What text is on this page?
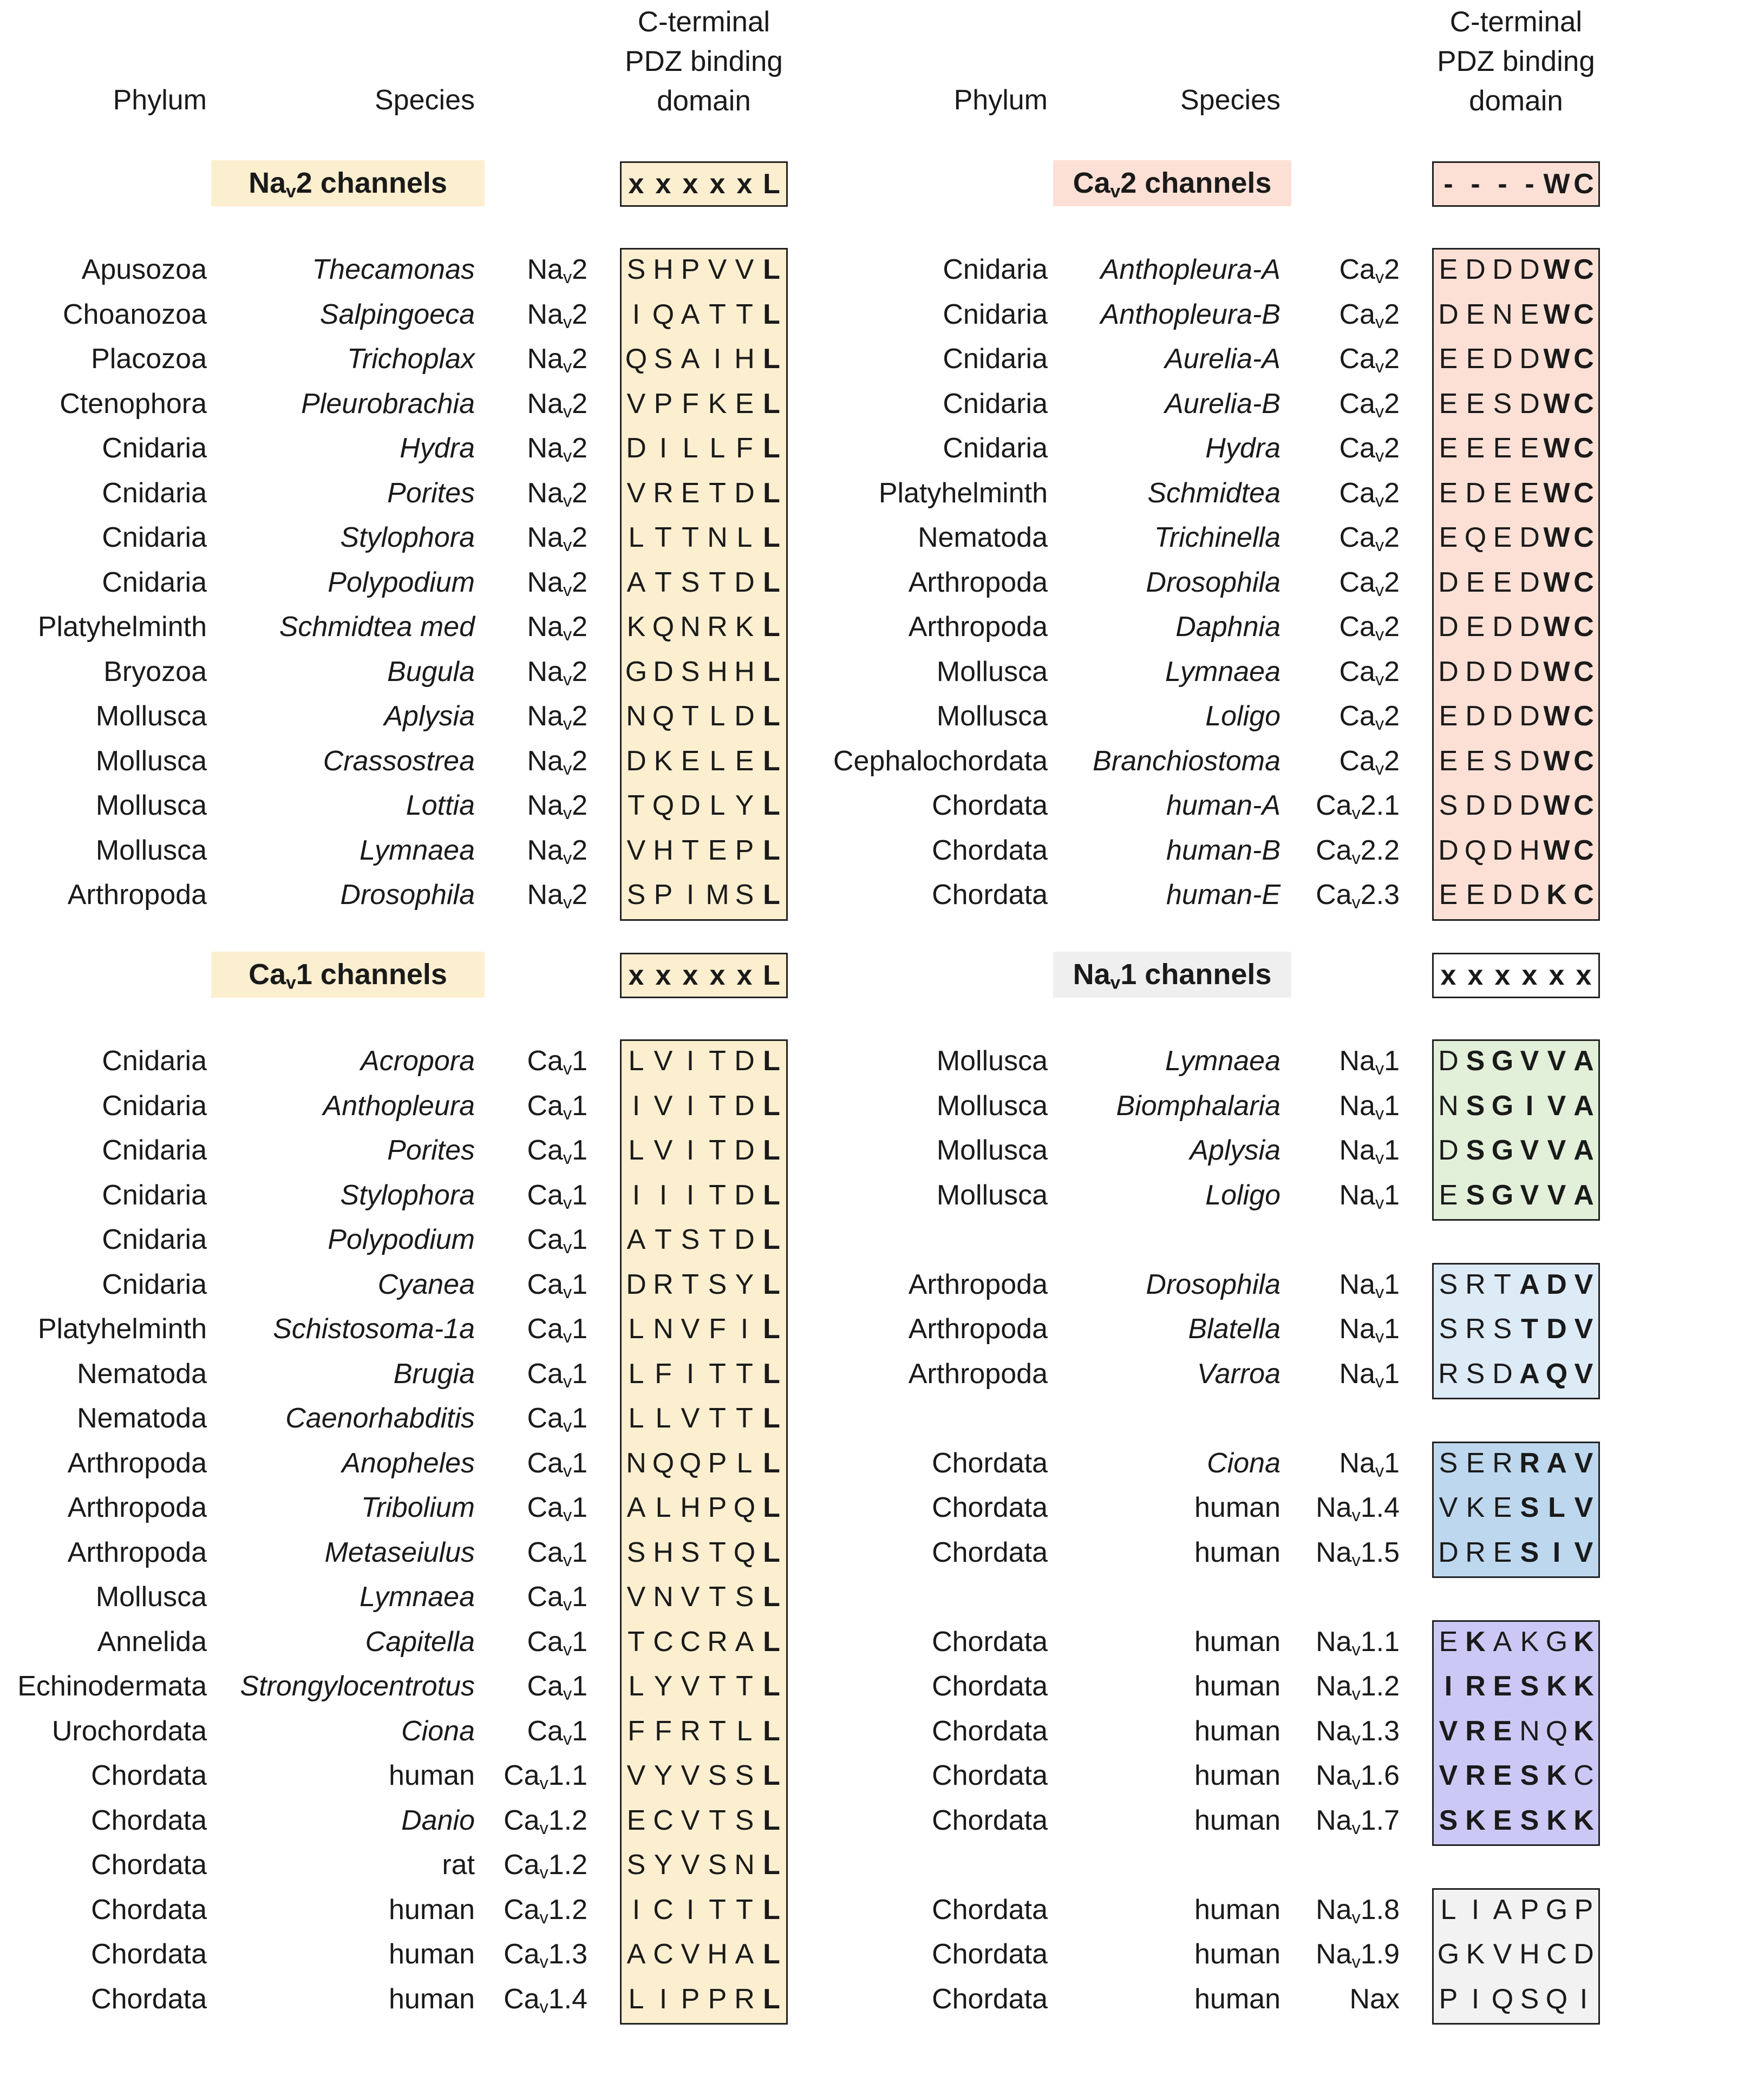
Phylum	Species
C-terminal
PDZ binding
domain	Phylum	Species
C-terminal
PDZ binding
domain
$Na_v2$ channels	x x x x x L
Apusozoa	Thecamonas	$Na_v2$ S H P V V L
Choanozoa	Salpingoeca	$Na_v2$	I Q A T T L
Placozoa	Trichoplax	$Na_v2$ Q S A I H L
Ctenophora	Pleurobrachia	$Na_v2$ V P F K E L
Cnidaria	Hydra	$Na_v2$ D I L L F L
Cnidaria	Porites	$Na_v2$ V R E T D L
Cnidaria	Stylophora	$Na_v2$ L T T N L L
Cnidaria	Polypodium	$Na_v2$ A T S T D L
Platyhelminth	Schmidtea med	$Na_v2$ K Q N R K L
Bryozoa	Bugula	$Na_v2$ G D S H H L
Mollusca	Aplysia	$Na_v2$ N Q T L D L
Mollusca	Crassostrea	$Na_v2$ D K E L E L
Mollusca	Lottia	$Na_v2$ T Q D L Y L
Mollusca	Lymnaea	$Na_v2$ V H T E P L
Arthropoda	Drosophila	$Na_v2$ S P I M S L
$Ca_v1$ channels	x x x x x L
Cnidaria	Acropora	$Ca_v1$ L V I T D L
Cnidaria	Anthopleura	$Ca_v1$	I V I T D L
Cnidaria	Porites	$Ca_v1$ L V I T D L
Cnidaria	Stylophora	$Ca_v1$	I I I T D L
Cnidaria	Polypodium	$Ca_v1$ A T S T D L
Cnidaria	Cyanea	$Ca_v1$ D R T S Y L
Platyhelminth	Schistosoma-1a	$Ca_v1$ L N V F I L
Nematoda	Brugia	$Ca_v1$ L F I T T L
Nematoda	Caenorhabditis	$Ca_v1$ L L V T T L
Arthropoda	Anopheles	$Ca_v1$ N Q Q P L L
Arthropoda	Tribolium	$Ca_v1$ A L H P Q L
Arthropoda	Metaseiulus	$Ca_v1$ S H S T Q L
Mollusca	Lymnaea	$Ca_v1$ V N V T S L
Annelida	Capitella	$Ca_v1$ T C C R A L
Echinodermata	Strongylocentrotus	$Ca_v1$ L Y V T T L
Urochordata	Ciona	$Ca_v1$ F F R T L L
Chordata	human	$Ca_v1.1$ V Y V S S L
Chordata	Danio	$Ca_v1.2$ E C V T S L
Chordata	rat	$Ca_v1.2$ S Y V S N L
Chordata	human	$Ca_v1.2$	I C I T T L
Chordata	human	$Ca_v1.3$ A C V H A L
Chordata	human	$Ca_v1.4$ L I P P R L
$Ca_v2$ channels	- - - - W C
Cnidaria	Anthopleura-A	$Ca_v2$ E D D D W C
Cnidaria	Anthopleura-B	$Ca_v2$ D E N E W C
Cnidaria	Aurelia-A	$Ca_v2$ E E D D W C
Cnidaria	Aurelia-B	$Ca_v2$ E E S D W C
Cnidaria	Hydra	$Ca_v2$ E E E E W C
Platyhelminth	Schmidtea	$Ca_v2$ E D E E W C
Nematoda	Trichinella	$Ca_v2$ E Q E D W C
Arthropoda	Drosophila	$Ca_v2$ D E E D W C
Arthropoda	Daphnia	$Ca_v2$ D E D D W C
Mollusca	Lymnaea	$Ca_v2$ D D D D W C
Mollusca	Loligo	$Ca_v2$ E D D D W C
Cephalochordata	Branchiostoma	$Ca_v2$ E E S D W C
Chordata	human-A	$Ca_v2.1$ S D D D W C
Chordata	human-B	$Ca_v2.2$ D Q D H W C
Chordata	human-E	$Ca_v2.3$ E E D D K C
$Na_v1$ channels	x x x x x x
Mollusca	Lymnaea	$Na_v1$ D S G V V A
Mollusca	Biomphalaria	$Na_v1$ N S G I V A
Mollusca	Aplysia	$Na_v1$ D S G V V A
Mollusca	Loligo	$Na_v1$ E S G V V A
Arthropoda	Drosophila	$Na_v1$ S R T A D V
Arthropoda	Blatella	$Na_v1$ S R S T D V
Arthropoda	Varroa	$Na_v1$ R S D A Q V
Chordata	Ciona	$Na_v1$ S E R R A V
Chordata	human	$Na_v1.4$ V K E S L V
Chordata	human	$Na_v1.5$ D R E S I V
Chordata	human	$Na_v1.1$ E K A K G K
Chordata	human	$Na_v1.2$	I R E S K K
Chordata	human	$Na_v1.3$ V R E N Q K
Chordata	human	$Na_v1.6$ V R E S K C
Chordata	human	$Na_v1.7$ S K E S K K
Chordata	human	$Na_v1.8$ L I A P G P
Chordata	human	$Na_v1.9$ G K V H C D
Chordata	human	Nax P I Q S Q I
